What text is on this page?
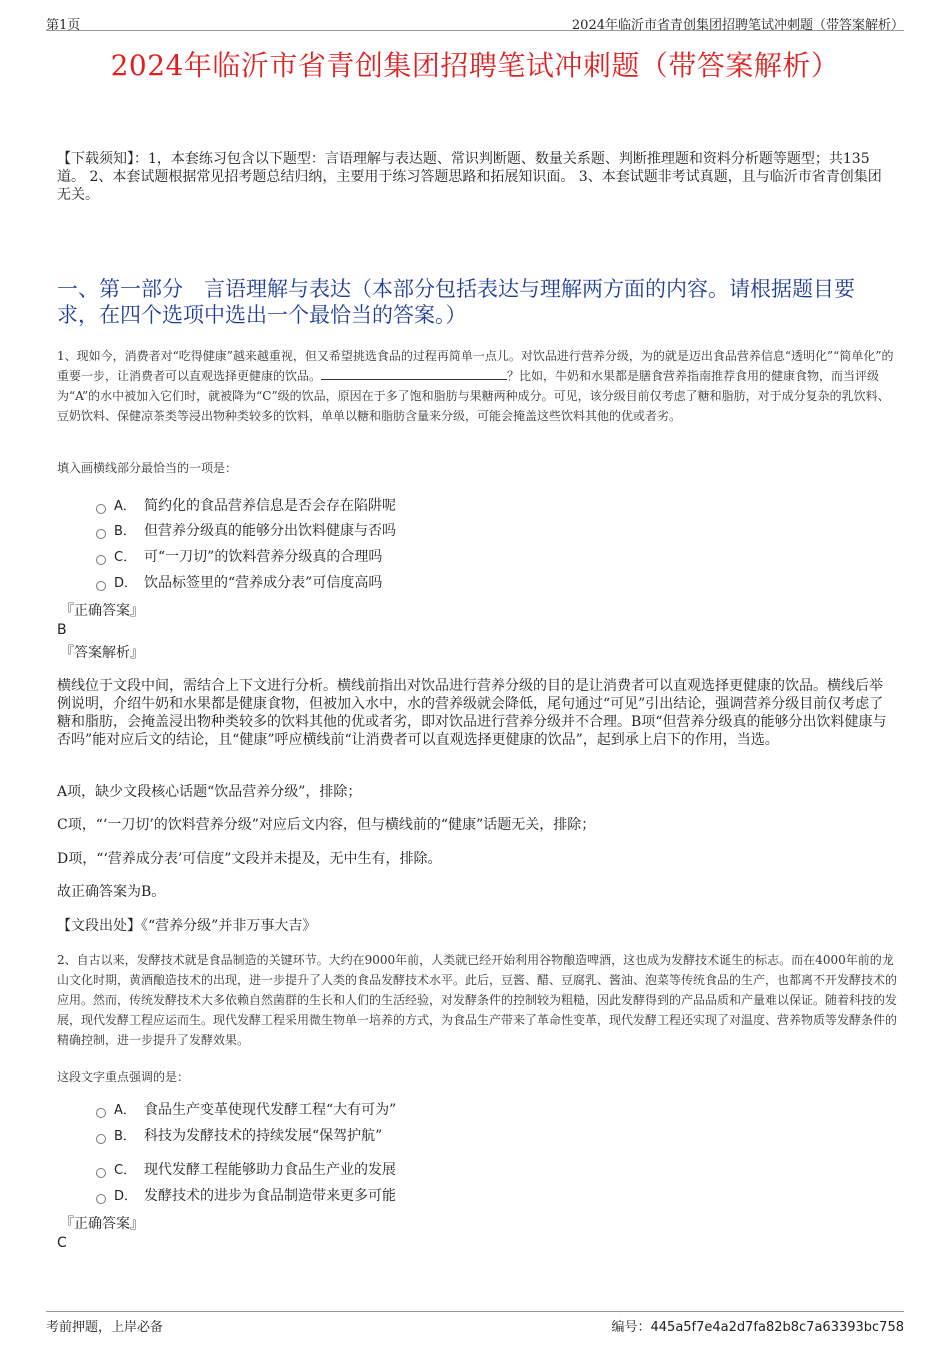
第1页	2024年临沂市省青创集团招聘笔试冲刺题（带答案解析）
2024年临沂市省青创集团招聘笔试冲刺题（带答案解析）

【下载须知】：1，本套练习包含以下题型：言语理解与表达题、常识判断题、数量关系题、判断推理题和资料分析题等题型；共135道。 2、本套试题根据常见招考题总结归纳，主要用于练习答题思路和拓展知识面。 3、本套试题非考试真题，且与临沂市省青创集团无关。

一、第一部分　言语理解与表达（本部分包括表达与理解两方面的内容。请根据题目要求，在四个选项中选出一个最恰当的答案。）

1、现如今，消费者对“吃得健康”越来越重视，但又希望挑选食品的过程再简单一点儿。对饮品进行营养分级，为的就是迈出食品营养信息“透明化”“简单化”的重要一步，让消费者可以直观选择更健康的饮品。	？比如，牛奶和水果都是膳食营养指南推荐食用的健康食物，而当评级为“A”的水中被加入它们时，就被降为“C”级的饮品，原因在于多了饱和脂肪与果糖两种成分。可见，该分级目前仅考虑了糖和脂肪，对于成分复杂的乳饮料、豆奶饮料、保健凉茶类等浸出物种类较多的饮料，单单以糖和脂肪含量来分级，可能会掩盖这些饮料其他的优或者劣。

填入画横线部分最恰当的一项是：

A． 简约化的食品营养信息是否会存在陷阱呢
B． 但营养分级真的能够分出饮料健康与否吗
C． 可“一刀切”的饮料营养分级真的合理吗
D． 饮品标签里的“营养成分表”可信度高吗
『正确答案』
B
『答案解析』

横线位于文段中间，需结合上下文进行分析。横线前指出对饮品进行营养分级的目的是让消费者可以直观选择更健康的饮品。横线后举例说明，介绍牛奶和水果都是健康食物，但被加入水中，水的营养级就会降低，尾句通过“可见”引出结论，强调营养分级目前仅考虑了糖和脂肪，会掩盖浸出物种类较多的饮料其他的优或者劣，即对饮品进行营养分级并不合理。B项“但营养分级真的能够分出饮料健康与否吗”能对应后文的结论，且“健康”呼应横线前“让消费者可以直观选择更健康的饮品”，起到承上启下的作用，当选。

A项，缺少文段核心话题“饮品营养分级”，排除；

C项，“‘一刀切’的饮料营养分级”对应后文内容，但与横线前的“健康”话题无关，排除；

D项，“‘营养成分表’可信度”文段并未提及，无中生有，排除。

故正确答案为B。

【文段出处】《“营养分级”并非万事大吉》

2、自古以来，发酵技术就是食品制造的关键环节。大约在9000年前，人类就已经开始利用谷物酿造啤酒，这也成为发酵技术诞生的标志。而在4000年前的龙山文化时期，黄酒酿造技术的出现，进一步提升了人类的食品发酵技术水平。此后，豆酱、醋、豆腐乳、酱油、泡菜等传统食品的生产，也都离不开发酵技术的应用。然而，传统发酵技术大多依赖自然菌群的生长和人们的生活经验，对发酵条件的控制较为粗糙，因此发酵得到的产品品质和产量难以保证。随着科技的发展，现代发酵工程应运而生。现代发酵工程采用微生物单一培养的方式，为食品生产带来了革命性变革，现代发酵工程还实现了对温度、营养物质等发酵条件的精确控制，进一步提升了发酵效果。

这段文字重点强调的是：

A． 食品生产变革使现代发酵工程“大有可为”
B． 科技为发酵技术的持续发展“保驾护航”
C． 现代发酵工程能够助力食品生产业的发展
D． 发酵技术的进步为食品制造带来更多可能
『正确答案』
C
考前押题，上岸必备	编号：445a5f7e4a2d7fa82b8c7a63393bc758
